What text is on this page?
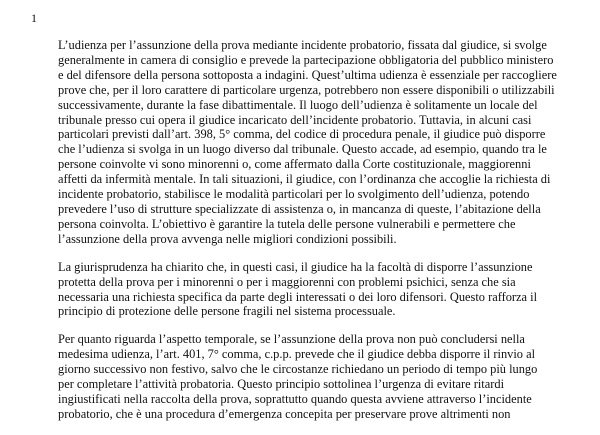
1

L’udienza per l’assunzione della prova mediante incidente probatorio, fissata dal giudice, si svolge
generalmente in camera di consiglio e prevede la partecipazione obbligatoria del pubblico ministero
e del difensore della persona sottoposta a indagini. Quest’ultima udienza è essenziale per raccogliere
prove che, per il loro carattere di particolare urgenza, potrebbero non essere disponibili o utilizzabili
successivamente, durante la fase dibattimentale. Il luogo dell’udienza è solitamente un locale del
tribunale presso cui opera il giudice incaricato dell’incidente probatorio. Tuttavia, in alcuni casi
particolari previsti dall’art. 398, 5° comma, del codice di procedura penale, il giudice può disporre
che l’udienza si svolga in un luogo diverso dal tribunale. Questo accade, ad esempio, quando tra le
persone coinvolte vi sono minorenni o, come affermato dalla Corte costituzionale, maggiorenni
affetti da infermità mentale. In tali situazioni, il giudice, con l’ordinanza che accoglie la richiesta di
incidente probatorio, stabilisce le modalità particolari per lo svolgimento dell’udienza, potendo
prevedere l’uso di strutture specializzate di assistenza o, in mancanza di queste, l’abitazione della
persona coinvolta. L’obiettivo è garantire la tutela delle persone vulnerabili e permettere che
l’assunzione della prova avvenga nelle migliori condizioni possibili.

La giurisprudenza ha chiarito che, in questi casi, il giudice ha la facoltà di disporre l’assunzione
protetta della prova per i minorenni o per i maggiorenni con problemi psichici, senza che sia
necessaria una richiesta specifica da parte degli interessati o dei loro difensori. Questo rafforza il
principio di protezione delle persone fragili nel sistema processuale.

Per quanto riguarda l’aspetto temporale, se l’assunzione della prova non può concludersi nella
medesima udienza, l’art. 401, 7° comma, c.p.p. prevede che il giudice debba disporre il rinvio al
giorno successivo non festivo, salvo che le circostanze richiedano un periodo di tempo più lungo
per completare l’attività probatoria. Questo principio sottolinea l’urgenza di evitare ritardi
ingiustificati nella raccolta della prova, soprattutto quando questa avviene attraverso l’incidente
probatorio, che è una procedura d’emergenza concepita per preservare prove altrimenti non
